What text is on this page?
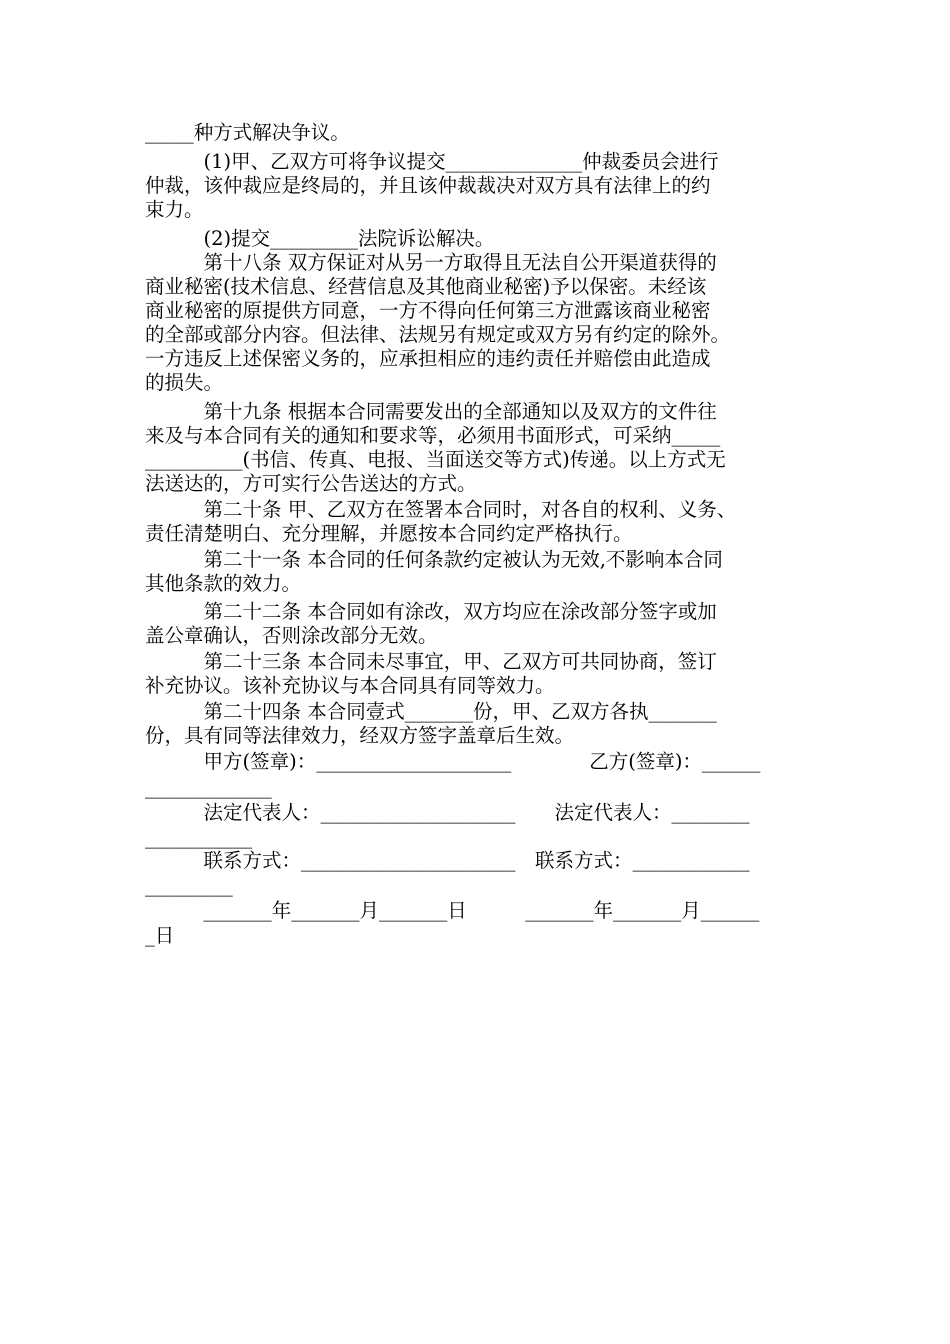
_____种方式解决争议。
　　　(1)甲、乙双方可将争议提交______________仲裁委员会进行
仲裁，该仲裁应是终局的，并且该仲裁裁决对双方具有法律上的约
束力。
　　　(2)提交_________法院诉讼解决。
　　　第十八条 双方保证对从另一方取得且无法自公开渠道获得的
商业秘密(技术信息、经营信息及其他商业秘密)予以保密。未经该
商业秘密的原提供方同意，一方不得向任何第三方泄露该商业秘密
的全部或部分内容。但法律、法规另有规定或双方另有约定的除外。
一方违反上述保密义务的，应承担相应的违约责任并赔偿由此造成
的损失。
　　　第十九条 根据本合同需要发出的全部通知以及双方的文件往
来及与本合同有关的通知和要求等，必须用书面形式，可采纳_____
__________(书信、传真、电报、当面送交等方式)传递。以上方式无
法送达的，方可实行公告送达的方式。
　　　第二十条 甲、乙双方在签署本合同时，对各自的权利、义务、
责任清楚明白、充分理解，并愿按本合同约定严格执行。
　　　第二十一条 本合同的任何条款约定被认为无效,不影响本合同
其他条款的效力。
　　　第二十二条 本合同如有涂改，双方均应在涂改部分签字或加
盖公章确认，否则涂改部分无效。
　　　第二十三条 本合同未尽事宜，甲、乙双方可共同协商，签订
补充协议。该补充协议与本合同具有同等效力。
　　　第二十四条 本合同壹式_______份，甲、乙双方各执_______
份，具有同等法律效力，经双方签字盖章后生效。
　　　甲方(签章)：____________________　　　　乙方(签章)：______
_____________
　　　法定代表人：____________________　　法定代表人：________
___________
　　　联系方式：______________________　联系方式：____________
_________
　　　_______年_______月_______日　　　_______年_______月______
_日
